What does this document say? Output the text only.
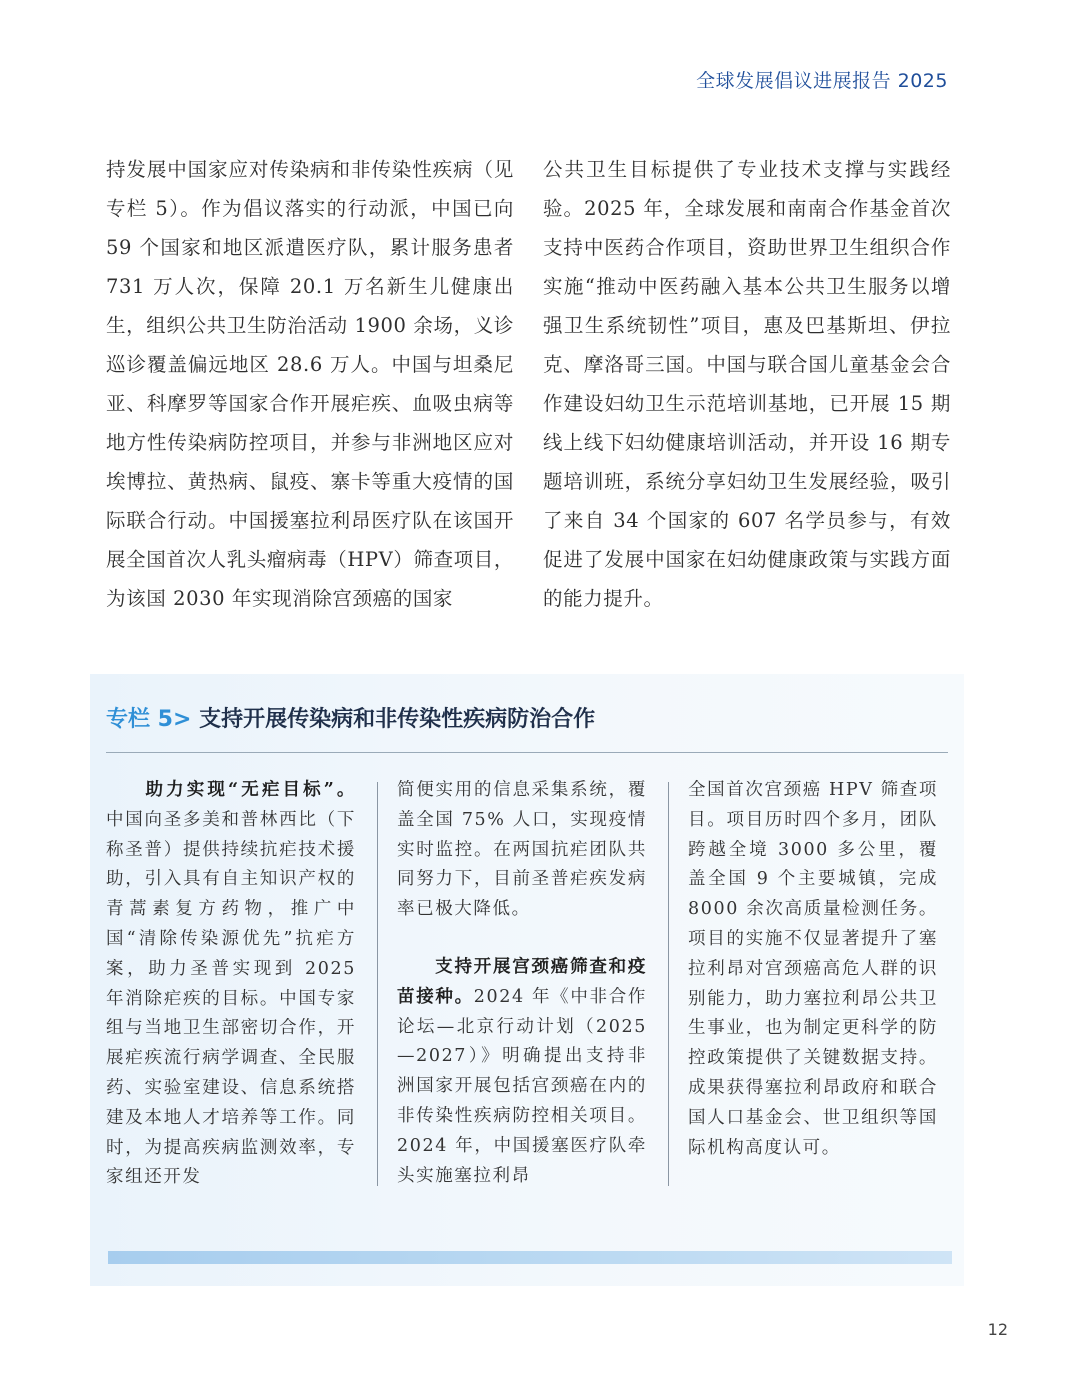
全球发展倡议进展报告 2025

持发展中国家应对传染病和非传染性疾病（见专栏 5）。作为倡议落实的行动派，中国已向 59 个国家和地区派遣医疗队，累计服务患者 731 万人次，保障 20.1 万名新生儿健康出生，组织公共卫生防治活动 1900 余场，义诊巡诊覆盖偏远地区 28.6 万人。中国与坦桑尼亚、科摩罗等国家合作开展疟疾、血吸虫病等地方性传染病防控项目，并参与非洲地区应对埃博拉、黄热病、鼠疫、寨卡等重大疫情的国际联合行动。中国援塞拉利昂医疗队在该国开展全国首次人乳头瘤病毒（HPV）筛查项目，为该国 2030 年实现消除宫颈癌的国家

公共卫生目标提供了专业技术支撑与实践经验。2025 年，全球发展和南南合作基金首次支持中医药合作项目，资助世界卫生组织合作实施“推动中医药融入基本公共卫生服务以增强卫生系统韧性”项目，惠及巴基斯坦、伊拉克、摩洛哥三国。中国与联合国儿童基金会合作建设妇幼卫生示范培训基地，已开展 15 期线上线下妇幼健康培训活动，并开设 16 期专题培训班，系统分享妇幼卫生发展经验，吸引了来自 34 个国家的 607 名学员参与，有效促进了发展中国家在妇幼健康政策与实践方面的能力提升。

专栏 5> 支持开展传染病和非传染性疾病防治合作

助力实现“无疟目标”。中国向圣多美和普林西比（下称圣普）提供持续抗疟技术援助，引入具有自主知识产权的青蒿素复方药物，推广中国“清除传染源优先”抗疟方案，助力圣普实现到 2025 年消除疟疾的目标。中国专家组与当地卫生部密切合作，开展疟疾流行病学调查、全民服药、实验室建设、信息系统搭建及本地人才培养等工作。同时，为提高疾病监测效率，专家组还开发

简便实用的信息采集系统，覆盖全国 75% 人口，实现疫情实时监控。在两国抗疟团队共同努力下，目前圣普疟疾发病率已极大降低。

支持开展宫颈癌筛查和疫苗接种。2024 年《中非合作论坛—北京行动计划（2025—2027）》明确提出支持非洲国家开展包括宫颈癌在内的非传染性疾病防控相关项目。2024 年，中国援塞医疗队牵头实施塞拉利昂

全国首次宫颈癌 HPV 筛查项目。项目历时四个多月，团队跨越全境 3000 多公里，覆盖全国 9 个主要城镇，完成 8000 余次高质量检测任务。项目的实施不仅显著提升了塞拉利昂对宫颈癌高危人群的识别能力，助力塞拉利昂公共卫生事业，也为制定更科学的防控政策提供了关键数据支持。成果获得塞拉利昂政府和联合国人口基金会、世卫组织等国际机构高度认可。

12
